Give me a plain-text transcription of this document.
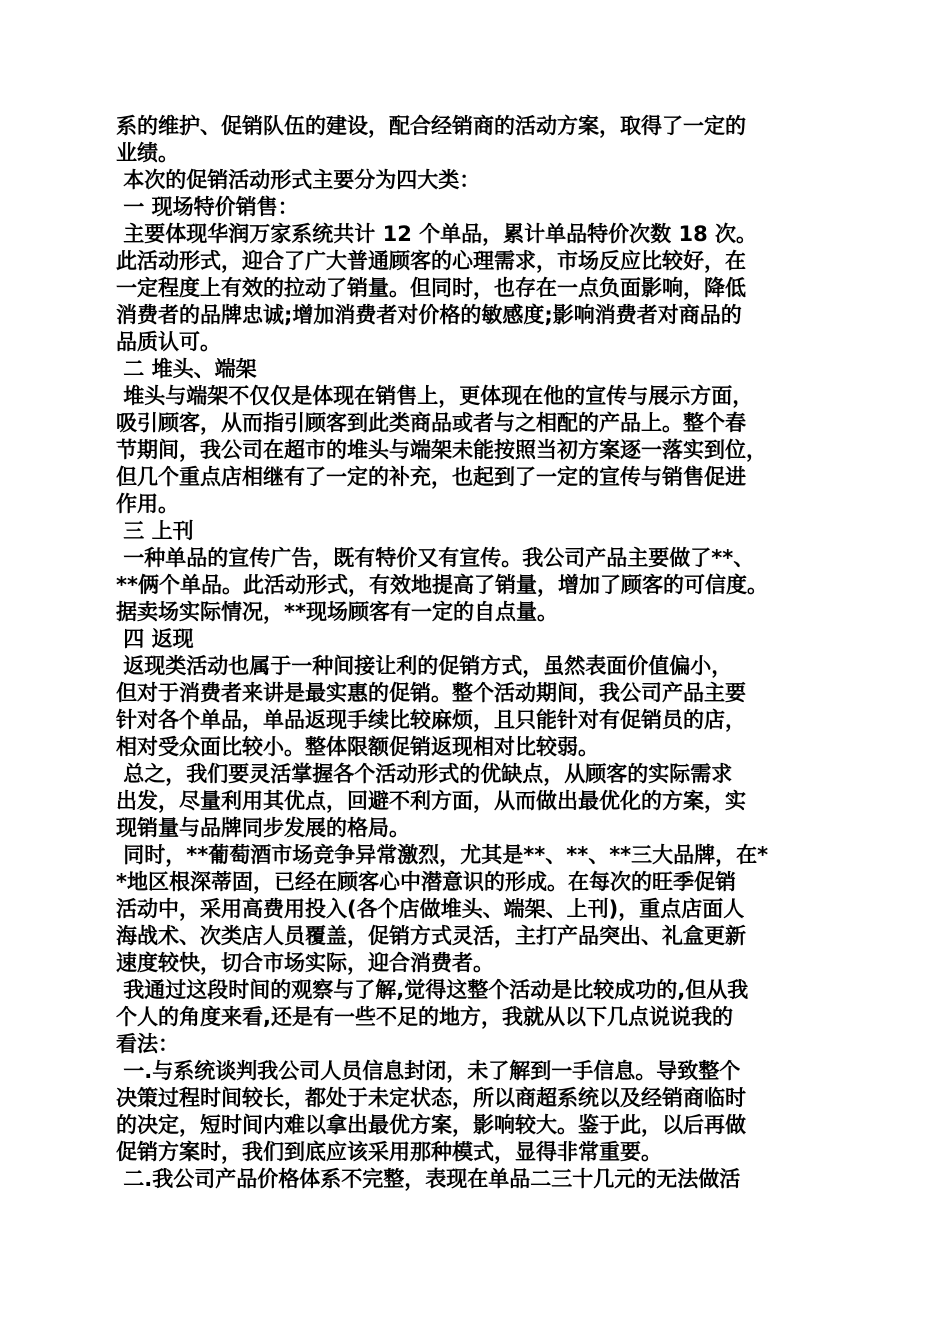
系的维护、促销队伍的建设，配合经销商的活动方案，取得了一定的
业绩。
本次的促销活动形式主要分为四大类：
一 现场特价销售：
主要体现华润万家系统共计 12 个单品，累计单品特价次数 18 次。
此活动形式，迎合了广大普通顾客的心理需求，市场反应比较好，在
一定程度上有效的拉动了销量。但同时，也存在一点负面影响，降低
消费者的品牌忠诚;增加消费者对价格的敏感度;影响消费者对商品的
品质认可。
二 堆头、端架
堆头与端架不仅仅是体现在销售上，更体现在他的宣传与展示方面，
吸引顾客，从而指引顾客到此类商品或者与之相配的产品上。整个春
节期间，我公司在超市的堆头与端架未能按照当初方案逐一落实到位，
但几个重点店相继有了一定的补充，也起到了一定的宣传与销售促进
作用。
三 上刊
一种单品的宣传广告，既有特价又有宣传。我公司产品主要做了**、
**俩个单品。此活动形式，有效地提高了销量，增加了顾客的可信度。
据卖场实际情况，**现场顾客有一定的自点量。
四 返现
返现类活动也属于一种间接让利的促销方式，虽然表面价值偏小，
但对于消费者来讲是最实惠的促销。整个活动期间，我公司产品主要
针对各个单品，单品返现手续比较麻烦，且只能针对有促销员的店，
相对受众面比较小。整体限额促销返现相对比较弱。
总之，我们要灵活掌握各个活动形式的优缺点，从顾客的实际需求
出发，尽量利用其优点，回避不利方面，从而做出最优化的方案，实
现销量与品牌同步发展的格局。
同时，**葡萄酒市场竞争异常激烈，尤其是**、**、**三大品牌，在*
*地区根深蒂固，已经在顾客心中潜意识的形成。在每次的旺季促销
活动中，采用高费用投入(各个店做堆头、端架、上刊)，重点店面人
海战术、次类店人员覆盖，促销方式灵活，主打产品突出、礼盒更新
速度较快，切合市场实际，迎合消费者。
我通过这段时间的观察与了解,觉得这整个活动是比较成功的,但从我
个人的角度来看,还是有一些不足的地方，我就从以下几点说说我的
看法：
一.与系统谈判我公司人员信息封闭，未了解到一手信息。导致整个
决策过程时间较长，都处于未定状态，所以商超系统以及经销商临时
的决定，短时间内难以拿出最优方案，影响较大。鉴于此，以后再做
促销方案时，我们到底应该采用那种模式，显得非常重要。
二.我公司产品价格体系不完整，表现在单品二三十几元的无法做活
